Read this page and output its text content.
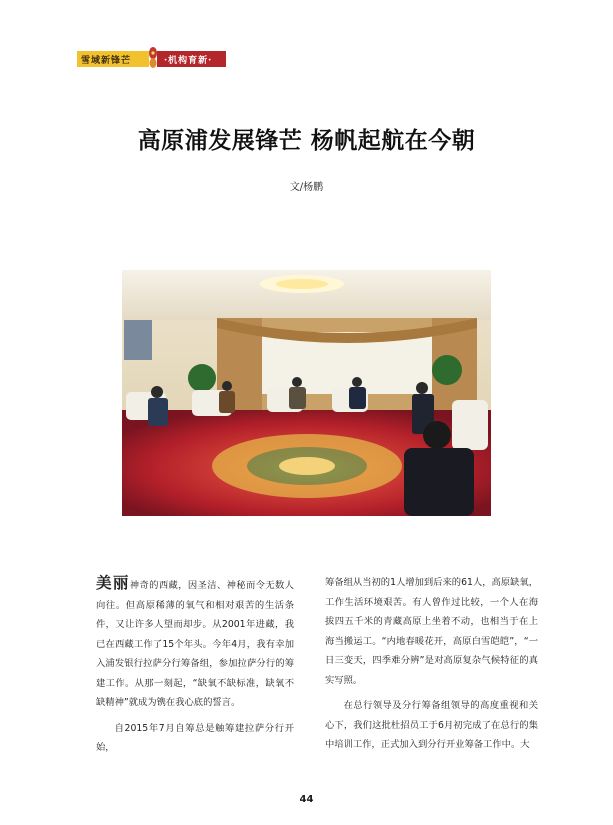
雪域新锋芒	·机构育新·
高原浦发展锋芒 杨帆起航在今朝
文/杨鹏

美丽神奇的西藏，因圣洁、神秘而令无数人向往。但高原稀薄的氧气和相对艰苦的生活条件，又让许多人望而却步。从2001年进藏，我已在西藏工作了15个年头。今年4月，我有幸加入浦发银行拉萨分行筹备组，参加拉萨分行的筹建工作。从那一刻起，“缺氧不缺标准，缺氧不缺精神”就成为镌在我心底的誓言。

自2015年7月自筹总是触筹建拉萨分行开始，

筹备组从当初的1人增加到后来的61人，高原缺氧，工作生活环境艰苦。有人曾作过比较，一个人在海拔四五千米的青藏高原上坐着不动，也相当于在上海当搬运工。“内地春暖花开，高原白雪皑皑”，“一日三变天，四季难分辨”是对高原复杂气候特征的真实写照。

在总行领导及分行筹备组领导的高度重视和关心下，我们这批杜招员工于6月初完成了在总行的集中培训工作，正式加入到分行开业筹备工作中。大

44
